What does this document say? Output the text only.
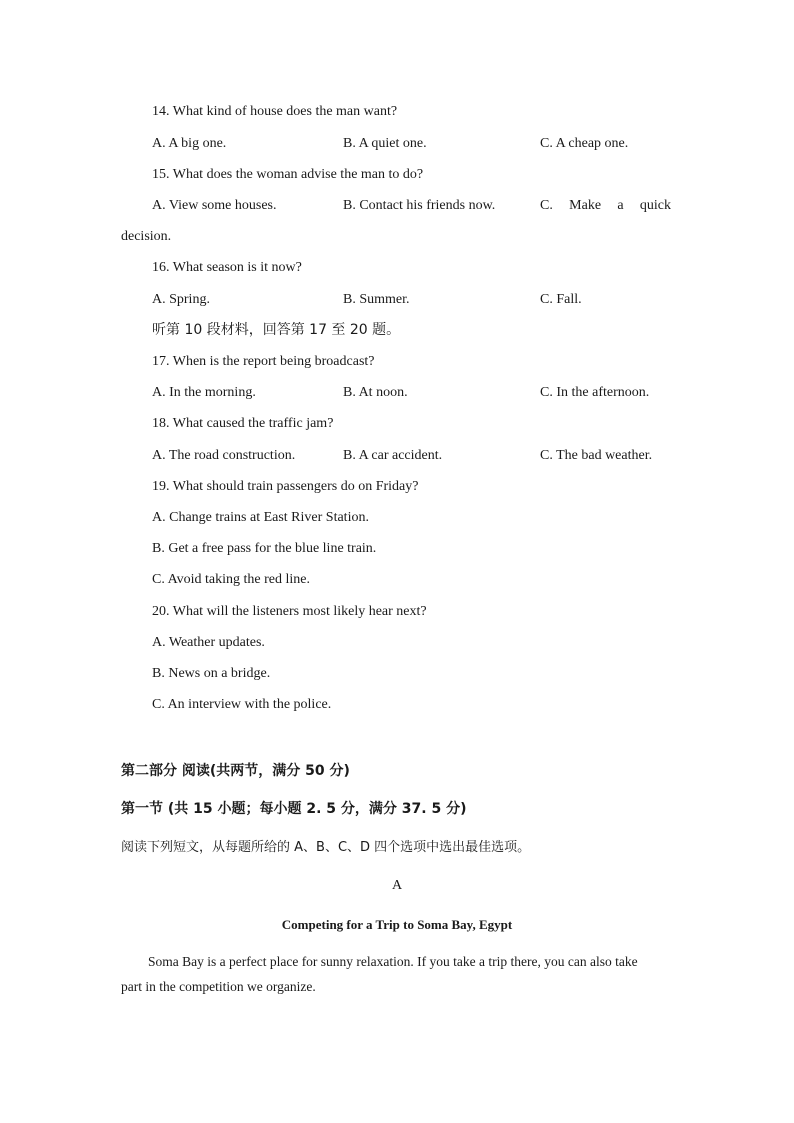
14. What kind of house does the man want?
A. A big one.	B. A quiet one.	C. A cheap one.
15. What does the woman advise the man to do?
A. View some houses.	B. Contact his friends now.	C. Make a quick
decision.
16. What season is it now?
A. Spring.	B. Summer.	C. Fall.
听第 10 段材料，回答第 17 至 20 题。
17. When is the report being broadcast?
A. In the morning.	B. At noon.	C. In the afternoon.
18. What caused the traffic jam?
A. The road construction.	B. A car accident.	C. The bad weather.
19. What should train passengers do on Friday?
A. Change trains at East River Station.
B. Get a free pass for the blue line train.
C. Avoid taking the red line.
20. What will the listeners most likely hear next?
A. Weather updates.
B. News on a bridge.
C. An interview with the police.
第二部分 阅读(共两节，满分 50 分)
第一节 (共 15 小题；每小题 2. 5 分，满分 37. 5 分)
阅读下列短文，从每题所给的 A、B、C、D 四个选项中选出最佳选项。
A
Competing for a Trip to Soma Bay, Egypt
Soma Bay is a perfect place for sunny relaxation. If you take a trip there, you can also take
part in the competition we organize.
